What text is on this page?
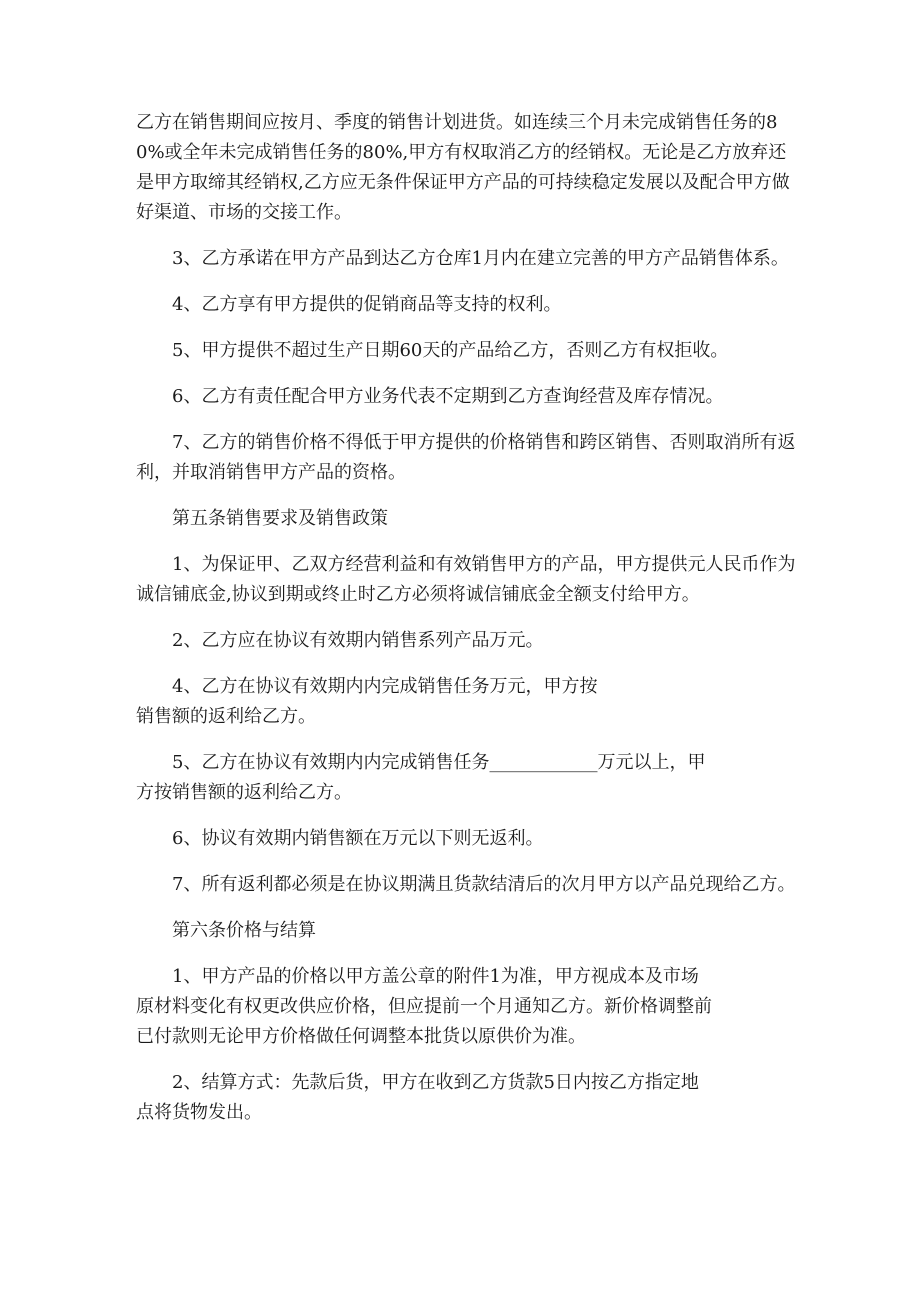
乙方在销售期间应按月、季度的销售计划进货。如连续三个月未完成销售任务的80%或全年未完成销售任务的80%,甲方有权取消乙方的经销权。无论是乙方放弃还是甲方取缔其经销权,乙方应无条件保证甲方产品的可持续稳定发展以及配合甲方做好渠道、市场的交接工作。

3、乙方承诺在甲方产品到达乙方仓库1月内在建立完善的甲方产品销售体系。

4、乙方享有甲方提供的促销商品等支持的权利。

5、甲方提供不超过生产日期60天的产品给乙方，否则乙方有权拒收。

6、乙方有责任配合甲方业务代表不定期到乙方查询经营及库存情况。

7、乙方的销售价格不得低于甲方提供的价格销售和跨区销售、否则取消所有返利，并取消销售甲方产品的资格。

第五条销售要求及销售政策

1、为保证甲、乙双方经营利益和有效销售甲方的产品，甲方提供元人民币作为诚信铺底金,协议到期或终止时乙方必须将诚信铺底金全额支付给甲方。

2、乙方应在协议有效期内销售系列产品万元。

4、乙方在协议有效期内内完成销售任务万元，甲方按
销售额的返利给乙方。

5、乙方在协议有效期内内完成销售任务____________万元以上，甲
方按销售额的返利给乙方。

6、协议有效期内销售额在万元以下则无返利。

7、所有返利都必须是在协议期满且货款结清后的次月甲方以产品兑现给乙方。

第六条价格与结算

1、甲方产品的价格以甲方盖公章的附件1为准，甲方视成本及市场
原材料变化有权更改供应价格，但应提前一个月通知乙方。新价格调整前
已付款则无论甲方价格做任何调整本批货以原供价为准。

2、结算方式：先款后货，甲方在收到乙方货款5日内按乙方指定地
点将货物发出。
